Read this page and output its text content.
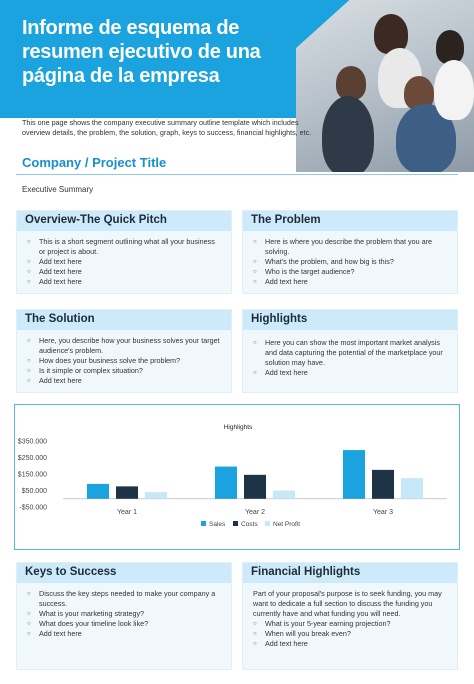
Informe de esquema de resumen ejecutivo de una página de la empresa

This one page shows the company executive summary outline template which includes overview details, the problem, the solution, graph, keys to success, financial highlights, etc.

Company / Project Title

Executive Summary

Overview-The Quick Pitch
○ This is a short segment outlining what all your business or project is about.
○ Add text here
○ Add text here
○ Add text here
The Problem
○ Here is where you describe the problem that you are solving.
○ What's the problem, and how big is this?
○ Who is the target audience?
○ Add text here
The Solution
○ Here, you describe how your business solves your target audience's problem.
○ How does your business solve the problem?
○ Is it simple or complex situation?
○ Add text here
Highlights
○ Here you can show the most important market analysis and data capturing the potential of the marketplace your solution may have.
○ Add text here
Highlights
$350.000
$250.000
$150.000
$50.000
-$50.000
Year 1	Year 2	Year 3
Sales Costs Net Profit
Keys to Success
○ Discuss the key steps needed to make your company a success.
○ What is your marketing strategy?
○ What does your timeline look like?
○ Add text here
Financial Highlights

Part of your proposal's purpose is to seek funding, you may want to dedicate a full section to discuss the funding you currently have and what funding you will need.

○ What is your 5-year earning projection?
○ When will you break even?
○ Add text here
